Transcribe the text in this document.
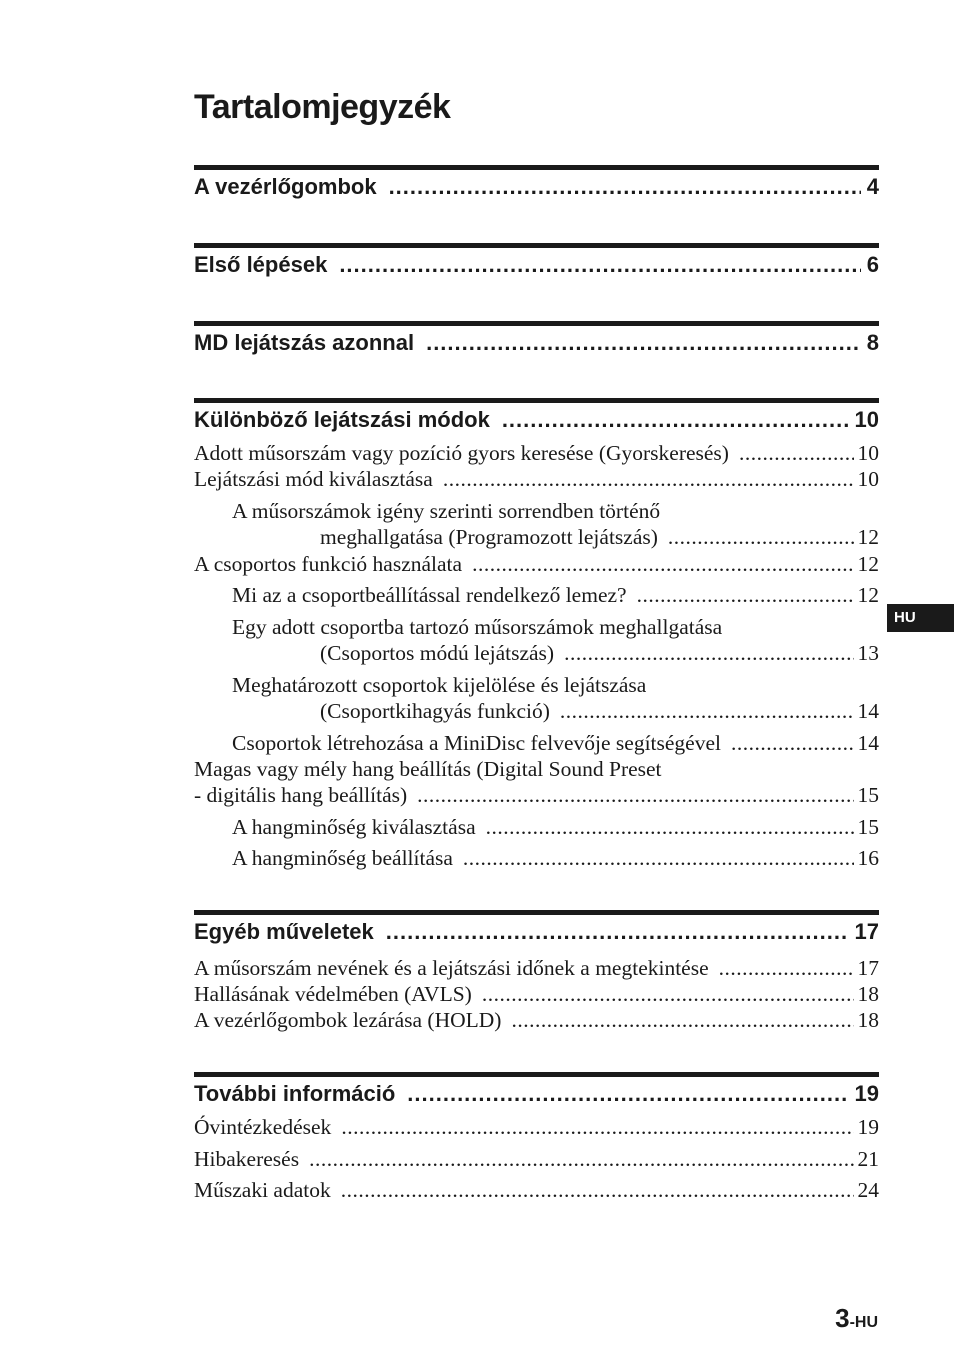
Tartalomjegyzék
A vezérlőgombok .....	4
Első lépések .....	6
MD lejátszás azonnal .....	8
Különböző lejátszási módok .....	10
Adott műsorszám vagy pozíció gyors keresése (Gyorskeresés) .....	10
Lejátszási mód kiválasztása .....	10
A műsorszámok igény szerinti sorrendben történő
meghallgatása (Programozott lejátszás) .....	12
A csoportos funkció használata .....	12
Mi az a csoportbeállítással rendelkező lemez? .....	12
Egy adott csoportba tartozó műsorszámok meghallgatása
(Csoportos módú lejátszás) .....	13
Meghatározott csoportok kijelölése és lejátszása
(Csoportkihagyás funkció) .....	14
Csoportok létrehozása a MiniDisc felvevője segítségével .....	14
Magas vagy mély hang beállítás (Digital Sound Preset
- digitális hang beállítás) .....	15
A hangminőség kiválasztása .....	15
A hangminőség beállítása .....	16
Egyéb műveletek .....	17
A műsorszám nevének és a lejátszási időnek a megtekintése .....	17
Hallásának védelmében (AVLS) .....	18
A vezérlőgombok lezárása (HOLD) .....	18
További információ .....	19
Óvintézkedések .....	19
Hibakeresés .....	21
Műszaki adatok .....	24
HU
3-HU
